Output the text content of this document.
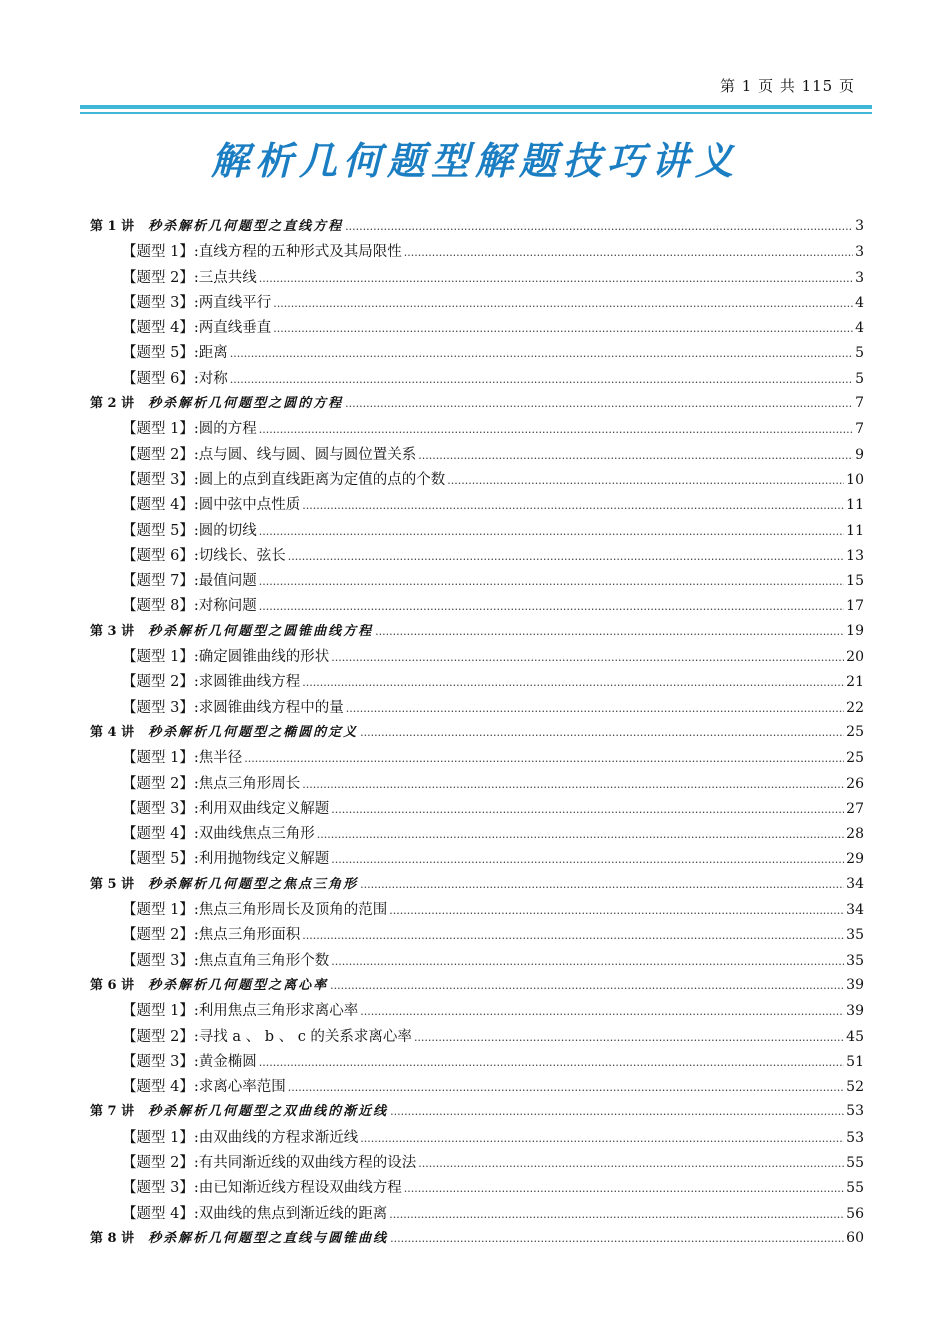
第 1 页 共 115 页
解析几何题型解题技巧讲义
第 1 讲 秒杀解析几何题型之直线方程 .....	3
【题型 1】: 直线方程的五种形式及其局限性 .....	3
【题型 2】: 三点共线 .....	3
【题型 3】: 两直线平行 .....	4
【题型 4】: 两直线垂直 .....	4
【题型 5】: 距离 .....	5
【题型 6】: 对称 .....	5
第 2 讲 秒杀解析几何题型之圆的方程 .....	7
【题型 1】: 圆的方程 .....	7
【题型 2】: 点与圆、线与圆、圆与圆位置关系 .....	9
【题型 3】: 圆上的点到直线距离为定值的点的个数 .....	10
【题型 4】: 圆中弦中点性质 .....	11
【题型 5】: 圆的切线 .....	11
【题型 6】: 切线长、弦长 .....	13
【题型 7】: 最值问题 .....	15
【题型 8】: 对称问题 .....	17
第 3 讲 秒杀解析几何题型之圆锥曲线方程 .....	19
【题型 1】: 确定圆锥曲线的形状 .....	20
【题型 2】: 求圆锥曲线方程 .....	21
【题型 3】: 求圆锥曲线方程中的量 .....	22
第 4 讲 秒杀解析几何题型之椭圆的定义 .....	25
【题型 1】: 焦半径 .....	25
【题型 2】: 焦点三角形周长 .....	26
【题型 3】: 利用双曲线定义解题 .....	27
【题型 4】: 双曲线焦点三角形 .....	28
【题型 5】: 利用抛物线定义解题 .....	29
第 5 讲 秒杀解析几何题型之焦点三角形 .....	34
【题型 1】: 焦点三角形周长及顶角的范围 .....	34
【题型 2】: 焦点三角形面积 .....	35
【题型 3】: 焦点直角三角形个数 .....	35
第 6 讲 秒杀解析几何题型之离心率 .....	39
【题型 1】: 利用焦点三角形求离心率 .....	39
【题型 2】: 寻找 a 、 b 、 c 的关系求离心率 .....	45
【题型 3】: 黄金椭圆 .....	51
【题型 4】: 求离心率范围 .....	52
第 7 讲 秒杀解析几何题型之双曲线的渐近线 .....	53
【题型 1】: 由双曲线的方程求渐近线 .....	53
【题型 2】: 有共同渐近线的双曲线方程的设法 .....	55
【题型 3】: 由已知渐近线方程设双曲线方程 .....	55
【题型 4】: 双曲线的焦点到渐近线的距离 .....	56
第 8 讲 秒杀解析几何题型之直线与圆锥曲线 .....	60
